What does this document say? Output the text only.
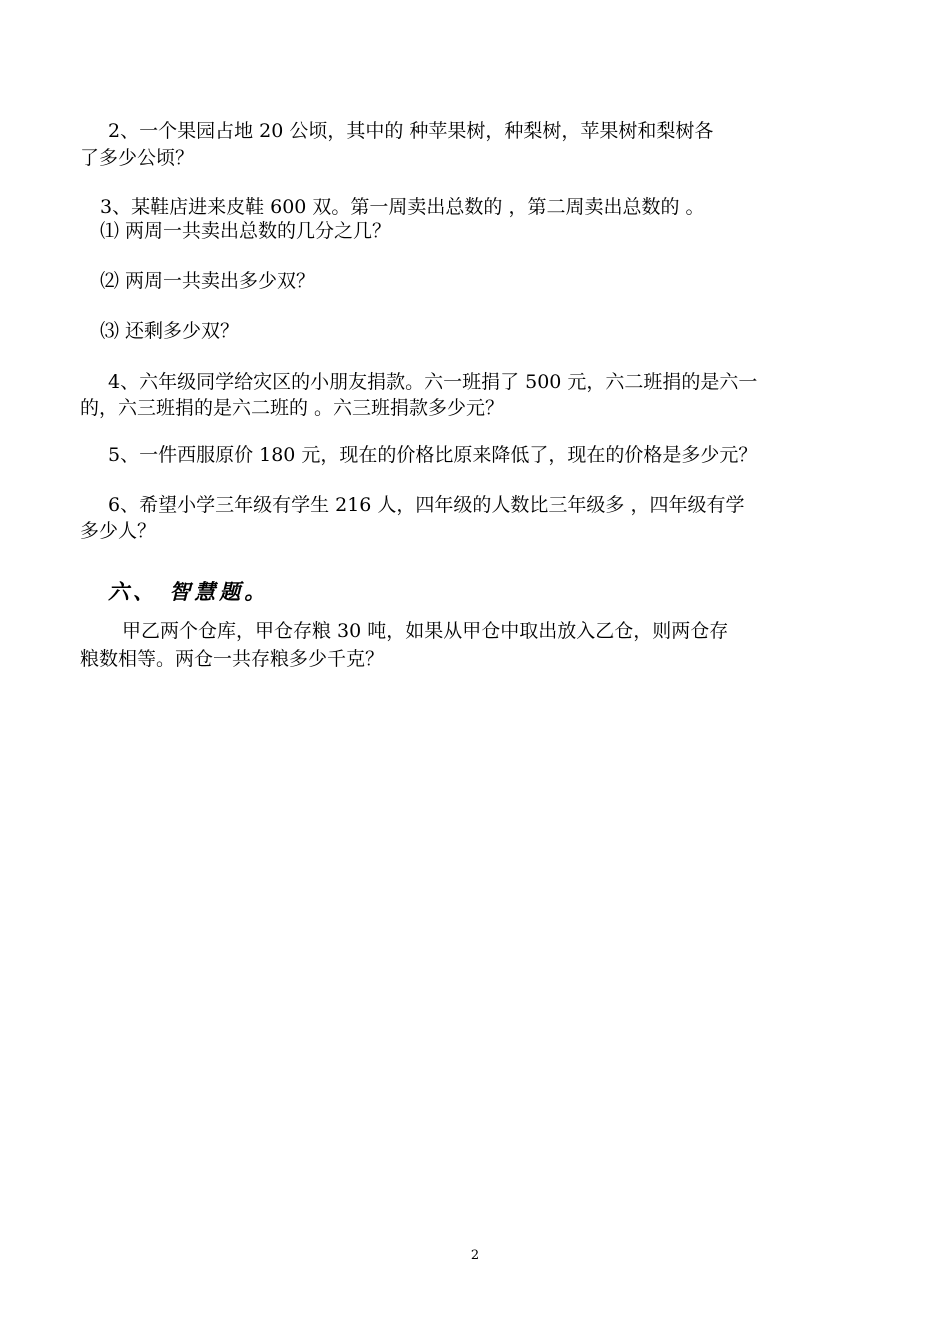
2、一个果园占地 20 公顷，其中的 种苹果树，种梨树，苹果树和梨树各
了多少公顷？
3、某鞋店进来皮鞋 600 双。第一周卖出总数的 ，第二周卖出总数的 。
⑴ 两周一共卖出总数的几分之几？
⑵ 两周一共卖出多少双？
⑶ 还剩多少双？
4、六年级同学给灾区的小朋友捐款。六一班捐了 500 元，六二班捐的是六一
的，六三班捐的是六二班的 。六三班捐款多少元？
5、一件西服原价 180 元，现在的价格比原来降低了，现在的价格是多少元？
6、希望小学三年级有学生 216 人，四年级的人数比三年级多 ，四年级有学
多少人？
六、 智慧题。
甲乙两个仓库，甲仓存粮 30 吨，如果从甲仓中取出放入乙仓，则两仓存
粮数相等。两仓一共存粮多少千克？
2
